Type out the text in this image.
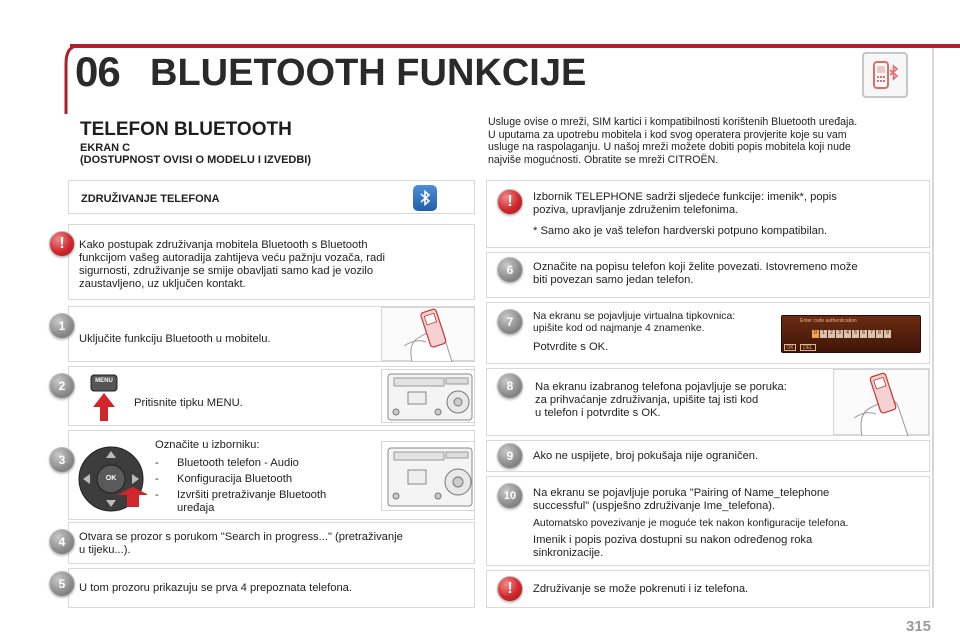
06 BLUETOOTH FUNKCIJE
TELEFON BLUETOOTH
EKRAN C
(DOSTUPNOST OVISI O MODELU I IZVEDBI)
Usluge ovise o mreži, SIM kartici i kompatibilnosti korištenih Bluetooth uređaja.
U uputama za upotrebu mobitela i kod svog operatera provjerite koje su vam
usluge na raspolaganju. U našoj mreži možete dobiti popis mobitela koji nude
najviše mogućnosti. Obratite se mreži CITROËN.
ZDRUŽIVANJE TELEFONA
!	Kako postupak združivanja mobitela Bluetooth s Bluetooth
funkcijom vašeg autoradija zahtijeva veću pažnju vozača, radi
sigurnosti, združivanje se smije obavljati samo kad je vozilo
zaustavljeno, uz uključen kontakt.
1
Uključite funkciju Bluetooth u mobitelu.
2	MENU
Pritisnite tipku MENU.
3
OK
Označite u izborniku:
- Bluetooth telefon - Audio
- Konfiguracija Bluetooth
- Izvršiti pretraživanje Bluetooth
uređaja
4	Otvara se prozor s porukom "Search in progress..." (pretraživanje
u tijeku...).
5	U tom prozoru prikazuju se prva 4 prepoznata telefona.
!	Izbornik TELEPHONE sadrži sljedeće funkcije: imenik*, popis
poziva, upravljanje združenim telefonima.
* Samo ako je vaš telefon hardverski potpuno kompatibilan.
6	Označite na popisu telefon koji želite povezati. Istovremeno može
biti povezan samo jedan telefon.
7	Na ekranu se pojavljuje virtualna tipkovnica:
upišite kod od najmanje 4 znamenke.
Potvrdite s OK.
Enter code authentication
0	1	2	3	4	5	6	7	8	9
OK	DEL
8	Na ekranu izabranog telefona pojavljuje se poruka:
za prihvaćanje združivanja, upišite taj isti kod
u telefon i potvrdite s OK.
9	Ako ne uspijete, broj pokušaja nije ograničen.
10	Na ekranu se pojavljuje poruka "Pairing of Name_telephone
successful" (uspješno združivanje Ime_telefona).
Automatsko povezivanje je moguće tek nakon konfiguracije telefona.
Imenik i popis poziva dostupni su nakon određenog roka
sinkronizacije.
!	Združivanje se može pokrenuti i iz telefona.
315
